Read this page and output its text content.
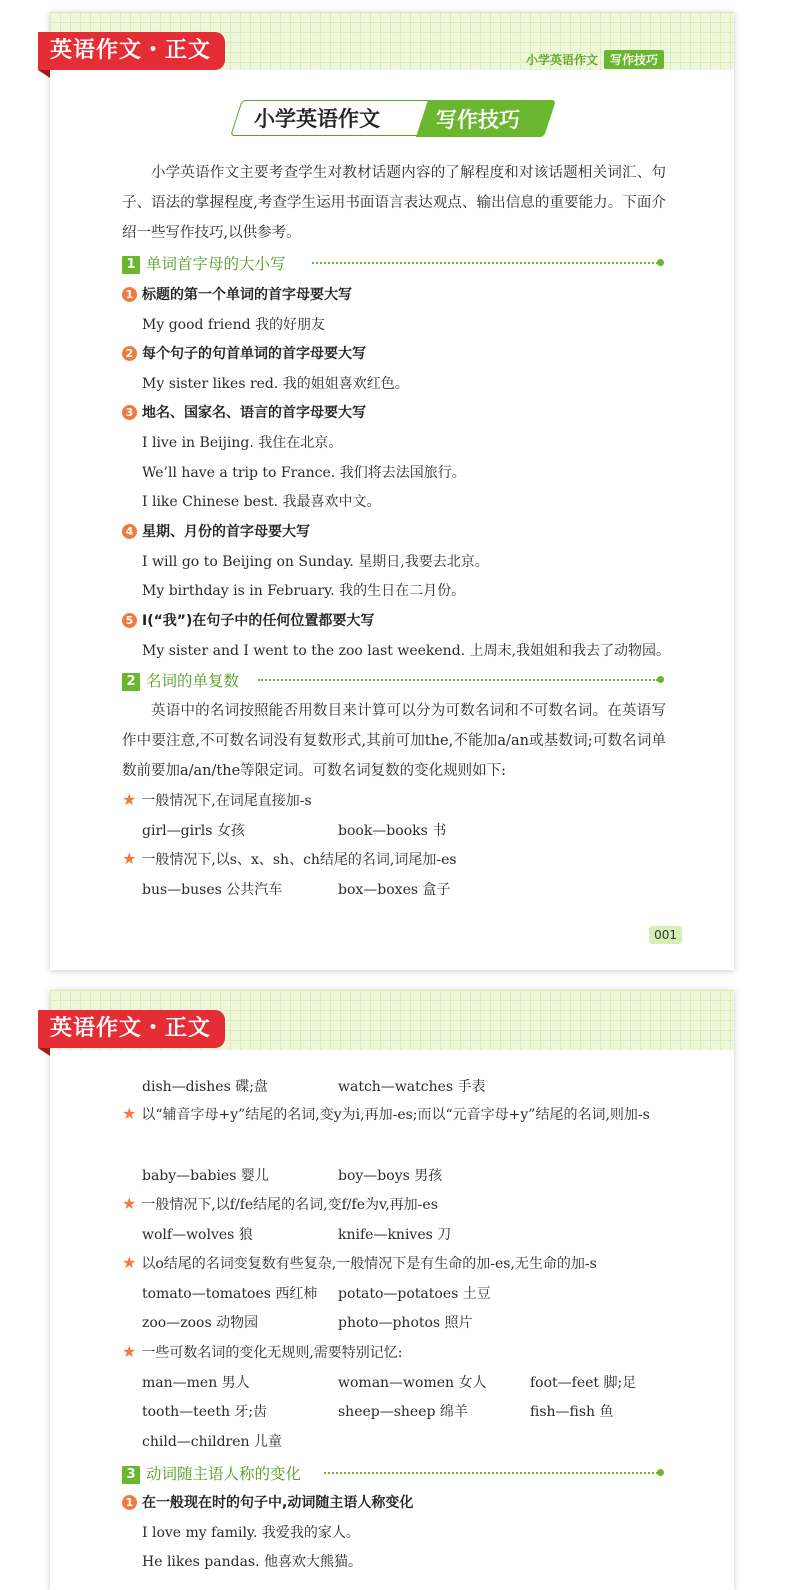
英语作文・正文	小学英语作文 写作技巧
小学英语作文	写作技巧
小学英语作文主要考查学生对教材话题内容的了解程度和对该话题相关词汇、句子、语法的掌握程度,考查学生运用书面语言表达观点、输出信息的重要能力。下面介绍一些写作技巧,以供参考。
1 单词首字母的大小写
1 标题的第一个单词的首字母要大写
My good friend 我的好朋友
2 每个句子的句首单词的首字母要大写
My sister likes red. 我的姐姐喜欢红色。
3 地名、国家名、语言的首字母要大写
I live in Beijing. 我住在北京。
We’ll have a trip to France. 我们将去法国旅行。
I like Chinese best. 我最喜欢中文。
4 星期、月份的首字母要大写
I will go to Beijing on Sunday. 星期日,我要去北京。
My birthday is in February. 我的生日在二月份。
5 I(“我”)在句子中的任何位置都要大写
My sister and I went to the zoo last weekend. 上周末,我姐姐和我去了动物园。
2 名词的单复数
英语中的名词按照能否用数目来计算可以分为可数名词和不可数名词。在英语写作中要注意,不可数名词没有复数形式,其前可加the,不能加a/an或基数词;可数名词单数前要加a/an/the等限定词。可数名词复数的变化规则如下:
★ 一般情况下,在词尾直接加-s
girl—girls 女孩	book—books 书
★ 一般情况下,以s、x、sh、ch结尾的名词,词尾加-es
bus—buses 公共汽车	box—boxes 盒子
001
英语作文・正文
dish—dishes 碟;盘	watch—watches 手表
★ 以“辅音字母+y”结尾的名词,变y为i,再加-es;而以“元音字母+y”结尾的名词,则加-s
baby—babies 婴儿	boy—boys 男孩
★ 一般情况下,以f/fe结尾的名词,变f/fe为v,再加-es
wolf—wolves 狼	knife—knives 刀
★ 以o结尾的名词变复数有些复杂,一般情况下是有生命的加-es,无生命的加-s
tomato—tomatoes 西红柿 potato—potatoes 土豆
zoo—zoos 动物园	photo—photos 照片
★ 一些可数名词的变化无规则,需要特别记忆:
man—men 男人	woman—women 女人	foot—feet 脚;足
tooth—teeth 牙;齿	sheep—sheep 绵羊	fish—fish 鱼
child—children 儿童
3 动词随主语人称的变化
1 在一般现在时的句子中,动词随主语人称变化
I love my family. 我爱我的家人。
He likes pandas. 他喜欢大熊猫。
